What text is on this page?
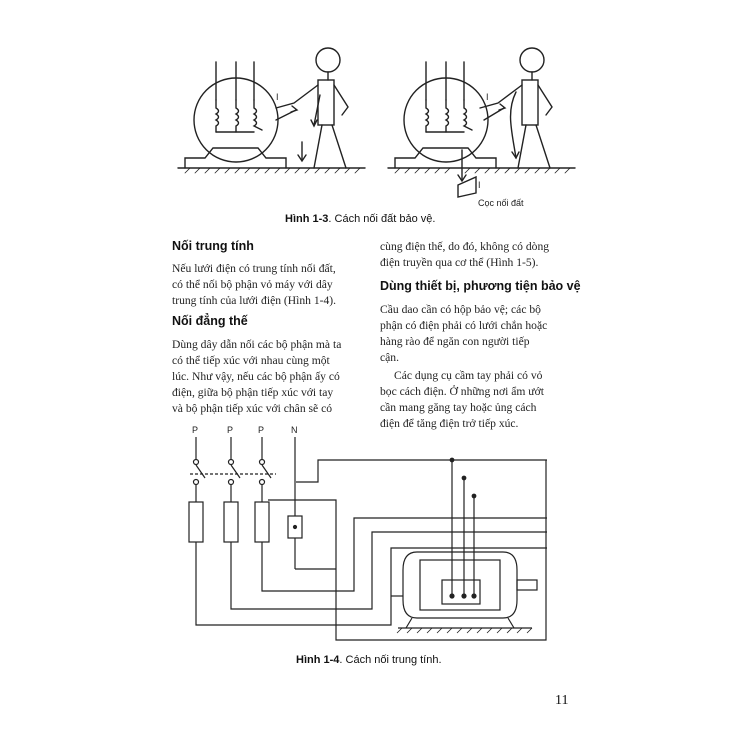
I	I
I
Cọc nối đất
Hình 1-3. Cách nối đất bảo vệ.
Nối trung tính
Nếu lưới điện có trung tính nối đất,
có thể nối bộ phận vỏ máy với dây
trung tính của lưới điện (Hình 1-4).
Nối đẳng thế
Dùng dây dẫn nối các bộ phận mà ta
có thể tiếp xúc với nhau cùng một
lúc. Như vậy, nếu các bộ phận ấy có
điện, giữa bộ phận tiếp xúc với tay
và bộ phận tiếp xúc với chân sẽ có
cùng điện thế, do đó, không có dòng
điện truyền qua cơ thể (Hình 1-5).
Dùng thiết bị, phương tiện bảo vệ
Cầu dao cần có hộp bảo vệ; các bộ
phận có điện phải có lưới chắn hoặc
hàng rào để ngăn con người tiếp
cận.
Các dụng cụ cầm tay phải có vỏ
bọc cách điện. Ở những nơi ẩm ướt
cần mang găng tay hoặc ủng cách
điện để tăng điện trở tiếp xúc.
P	P	P	N
Hình 1-4. Cách nối trung tính.
11
